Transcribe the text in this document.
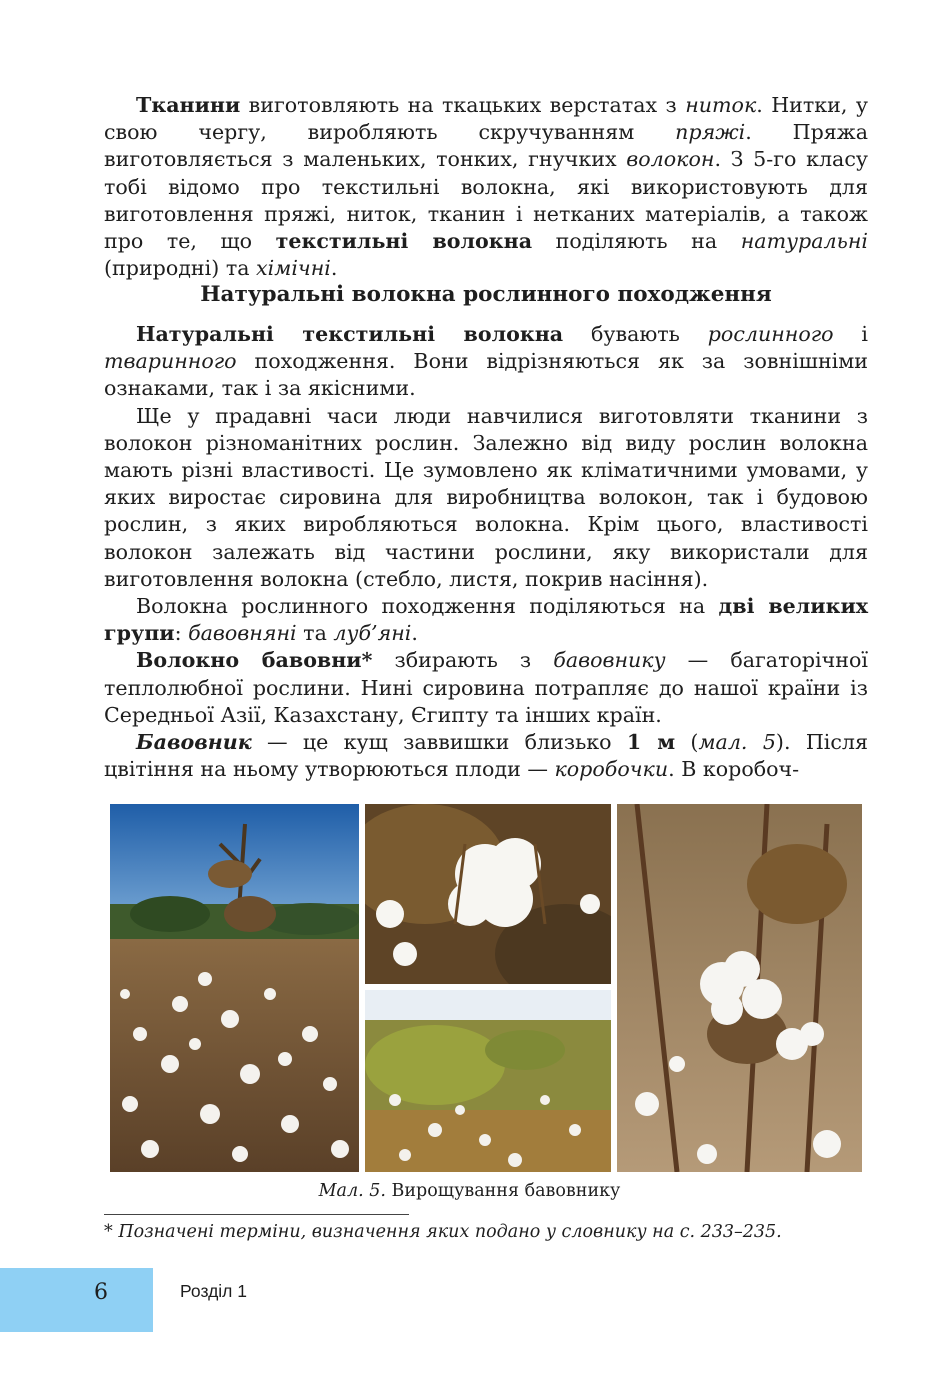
Тканини виготовляють на ткацьких верстатах з ниток. Нитки, у свою чергу, виробляють скручуванням пряжі. Пряжа виготовляється з маленьких, тонких, гнучких волокон. З 5-го класу тобі відомо про текстильні волокна, які використовують для виготовлення пряжі, ниток, тканин і нетканих матеріалів, а також про те, що текстильні волокна поділяють на натуральні (природні) та хімічні.

Натуральні волокна рослинного походження

Натуральні текстильні волокна бувають рослинного і тваринного походження. Вони відрізняються як за зовнішніми ознаками, так і за якісними.

Ще у прадавні часи люди навчилися виготовляти тканини з волокон різноманітних рослин. Залежно від виду рослин волокна мають різні властивості. Це зумовлено як кліматичними умовами, у яких виростає сировина для виробництва волокон, так і будовою рослин, з яких виробляються волокна. Крім цього, властивості волокон залежать від частини рослини, яку використали для виготовлення волокна (стебло, листя, покрив насіння).

Волокна рослинного походження поділяються на дві великих групи: бавовняні та луб’яні.

Волокно бавовни* збирають з бавовнику — багаторічної теплолюбної рослини. Нині сировина потрапляє до нашої країни із Середньої Азії, Казахстану, Єгипту та інших країн.

Бавовник — це кущ заввишки близько 1 м (мал. 5). Після цвітіння на ньому утворюються плоди — коробочки. В коробоч-

Мал. 5. Вирощування бавовнику
* Позначені терміни, визначення яких подано у словнику на с. 233–235.
6	Розділ 1
